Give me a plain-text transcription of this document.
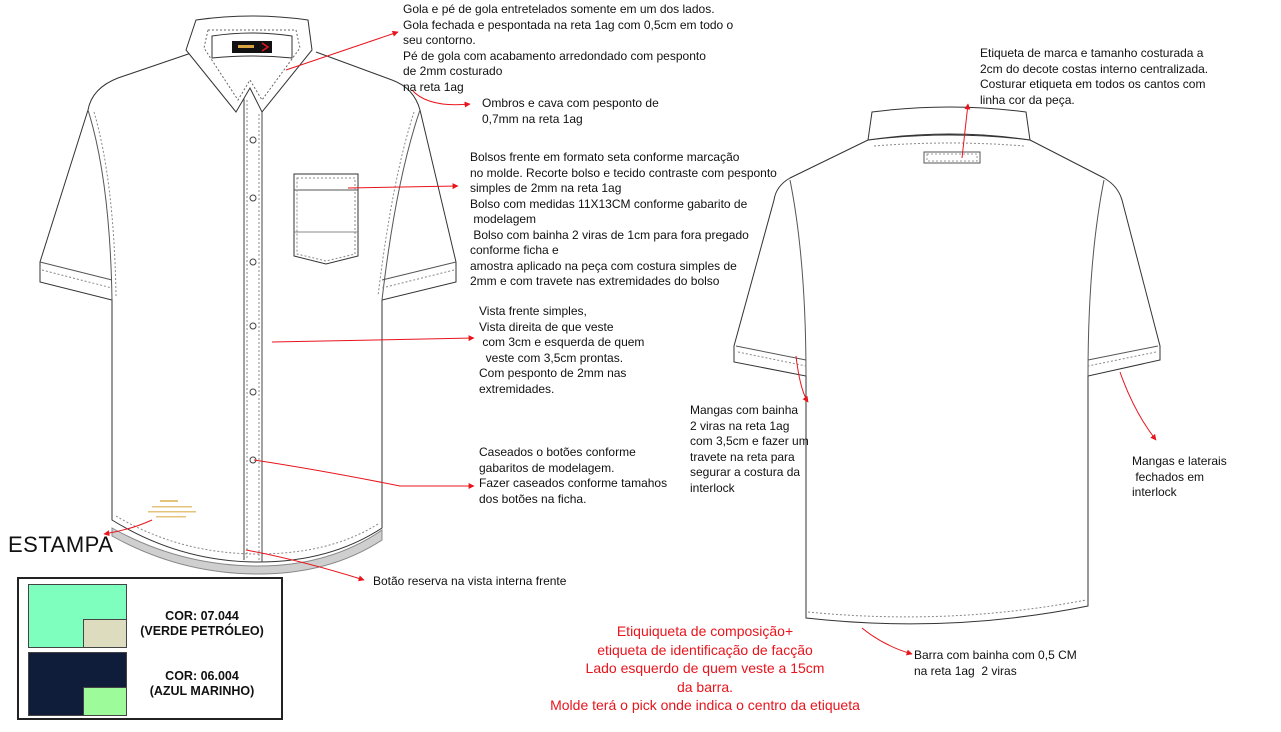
Gola e pé de gola entretelados somente em um dos lados.
Gola fechada e pespontada na reta 1ag com 0,5cm em todo o
seu contorno.
Pé de gola com acabamento arredondado com pesponto
de 2mm costurado
na reta 1ag
Ombros e cava com pesponto de
0,7mm na reta 1ag
Bolsos frente em formato seta conforme marcação
no molde. Recorte bolso e tecido contraste com pesponto
simples de 2mm na reta 1ag
Bolso com medidas 11X13CM conforme gabarito de
modelagem
Bolso com bainha 2 viras de 1cm para fora pregado
conforme ficha e
amostra aplicado na peça com costura simples de
2mm e com travete nas extremidades do bolso
Vista frente simples,
Vista direita de que veste
com 3cm e esquerda de quem
veste com 3,5cm prontas.
Com pesponto de 2mm nas
extremidades.
Caseados o botões conforme
gabaritos de modelagem.
Fazer caseados conforme tamahos
dos botões na ficha.
Botão reserva na vista interna frente
Etiqueta de marca e tamanho costurada a
2cm do decote costas interno centralizada.
Costurar etiqueta em todos os cantos com
linha cor da peça.
Mangas com bainha
2 viras na reta 1ag
com 3,5cm e fazer um
travete na reta para
segurar a costura da
interlock
Mangas e laterais
fechados em
interlock
Barra com bainha com 0,5 CM
na reta 1ag  2 viras
ESTAMPA
COR: 07.044
(VERDE PETRÓLEO)
COR: 06.004
(AZUL MARINHO)
Etiquiqueta de composição+
etiqueta de identificação de facção
Lado esquerdo de quem veste a 15cm
da barra.
Molde terá o pick onde indica o centro da etiqueta
